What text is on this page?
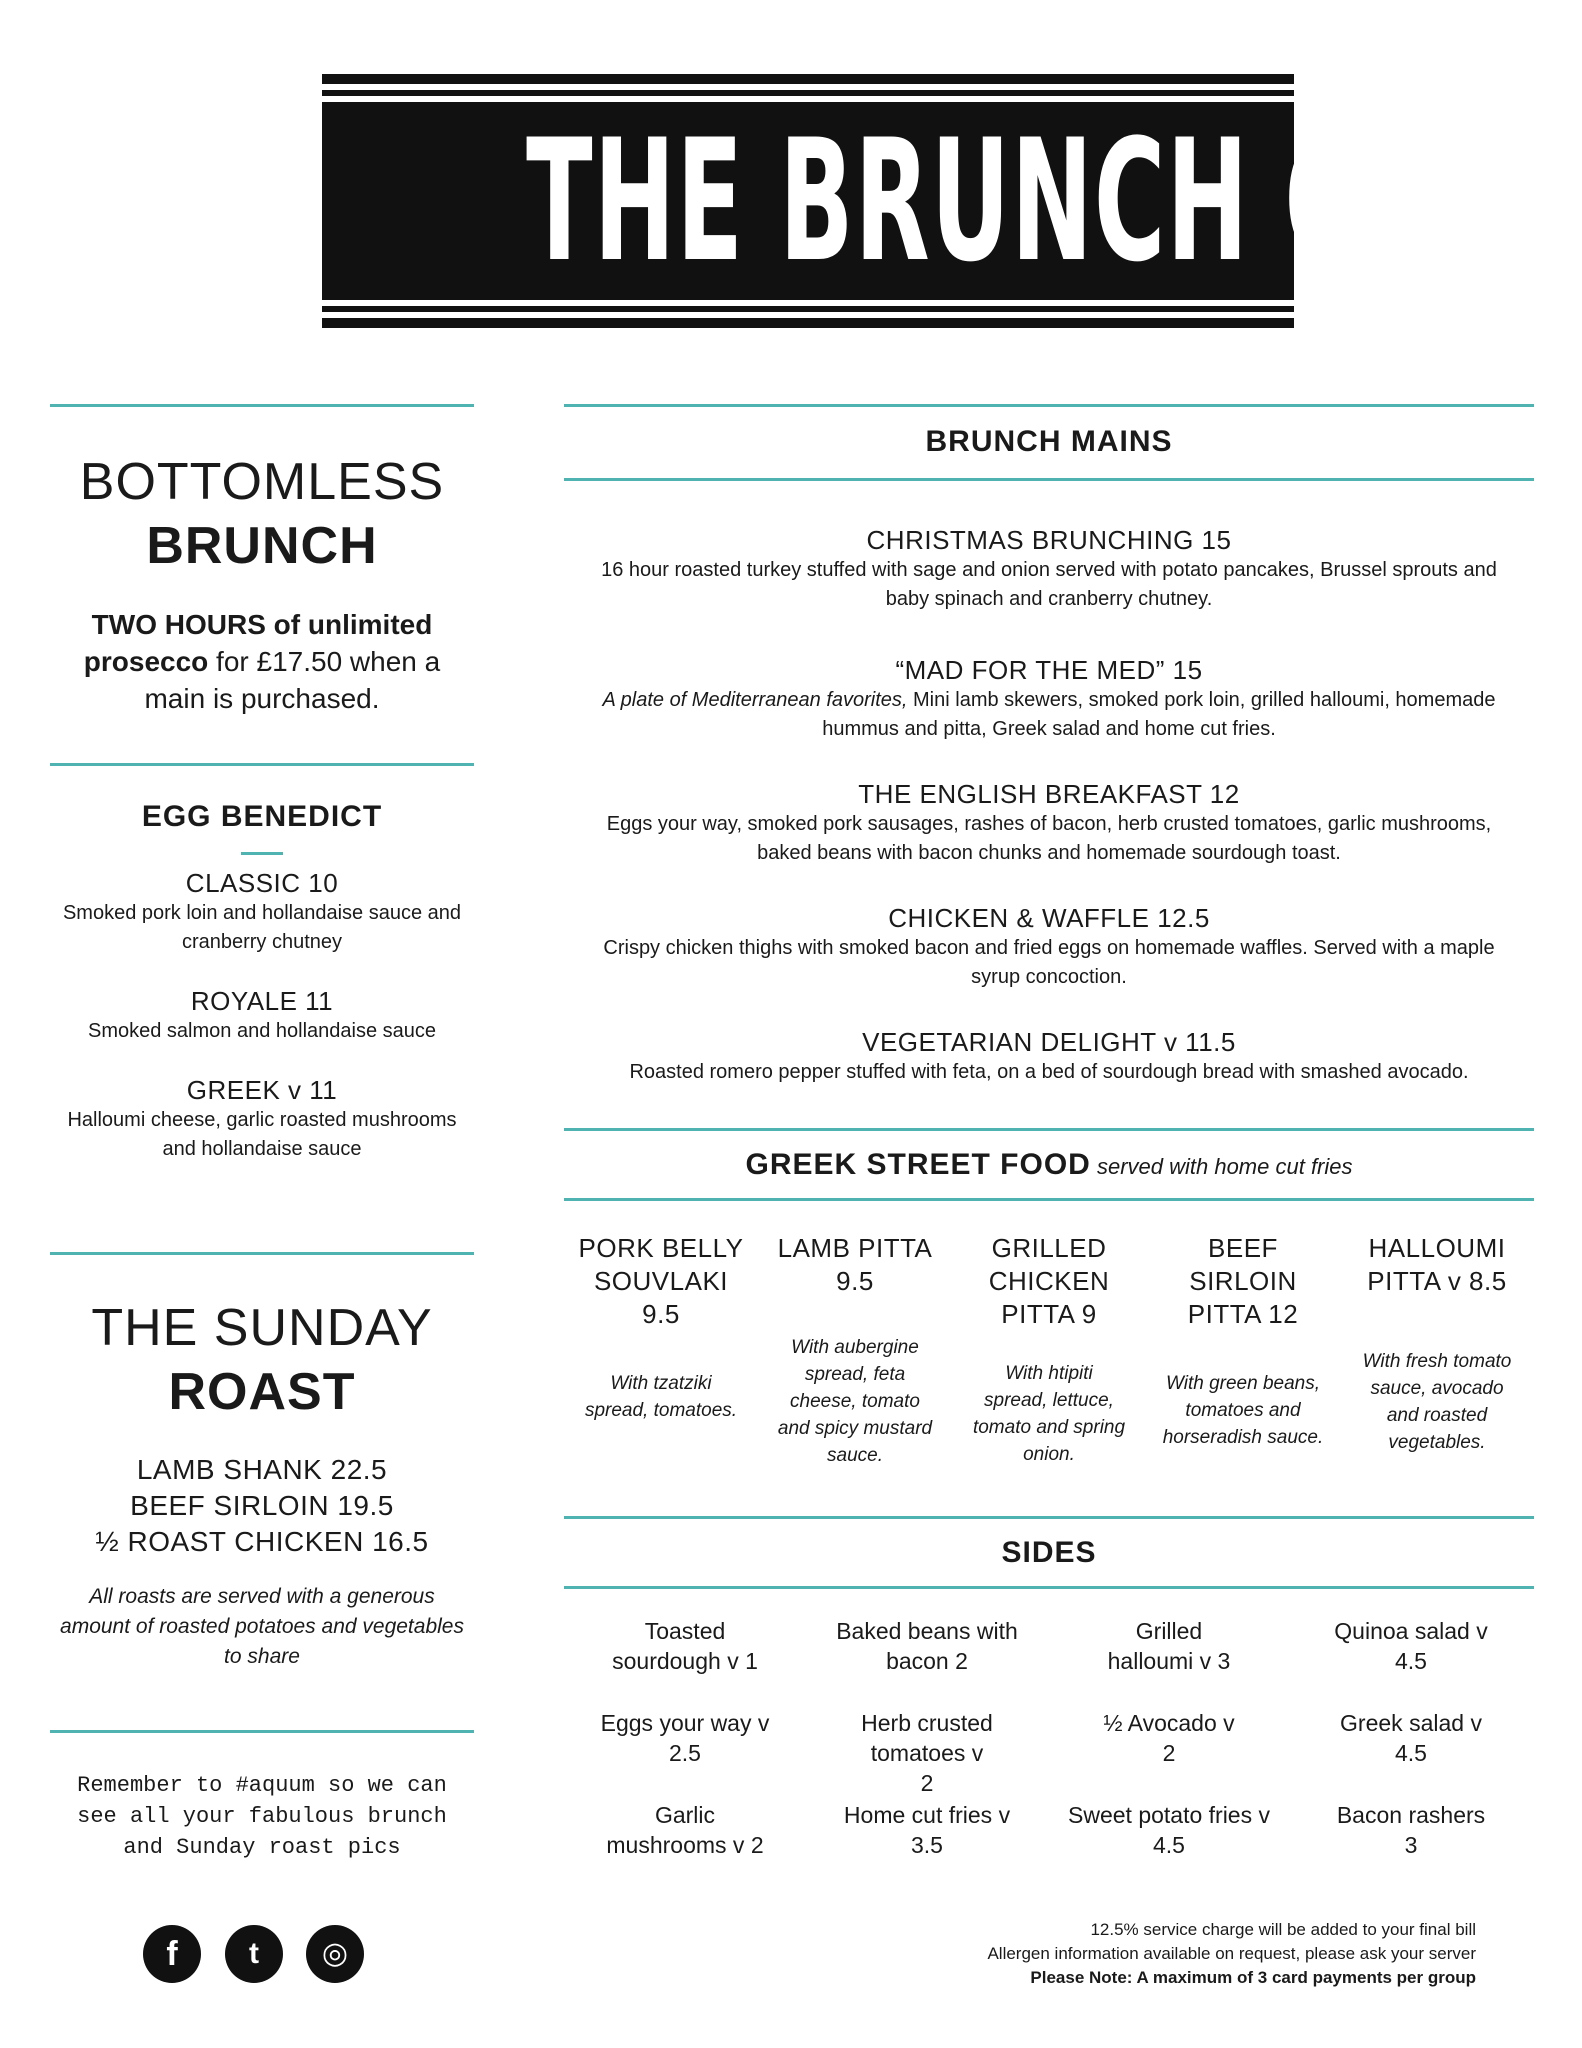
THE BRUNCH CLUB
BOTTOMLESS
BRUNCH
TWO HOURS of unlimited
prosecco for £17.50 when a
main is purchased.
EGG BENEDICT
CLASSIC 10
Smoked pork loin and hollandaise sauce and
cranberry chutney
ROYALE 11
Smoked salmon and hollandaise sauce
GREEK v 11
Halloumi cheese, garlic roasted mushrooms
and hollandaise sauce
THE SUNDAY
ROAST
LAMB SHANK 22.5
BEEF SIRLOIN 19.5
½ ROAST CHICKEN 16.5
All roasts are served with a generous
amount of roasted potatoes and vegetables
to share
Remember to #aquum so we can
see all your fabulous brunch
and Sunday roast pics
f	t	◎
BRUNCH MAINS
CHRISTMAS BRUNCHING 15
16 hour roasted turkey stuffed with sage and onion served with potato pancakes, Brussel sprouts and
baby spinach and cranberry chutney.
“MAD FOR THE MED” 15
A plate of Mediterranean favorites, Mini lamb skewers, smoked pork loin, grilled halloumi, homemade
hummus and pitta, Greek salad and home cut fries.
THE ENGLISH BREAKFAST 12
Eggs your way, smoked pork sausages, rashes of bacon, herb crusted tomatoes, garlic mushrooms,
baked beans with bacon chunks and homemade sourdough toast.
CHICKEN & WAFFLE 12.5
Crispy chicken thighs with smoked bacon and fried eggs on homemade waffles. Served with a maple
syrup concoction.
VEGETARIAN DELIGHT v 11.5
Roasted romero pepper stuffed with feta, on a bed of sourdough bread with smashed avocado.
GREEK STREET FOOD served with home cut fries
PORK BELLY
SOUVLAKI
9.5
With tzatziki
spread, tomatoes.
LAMB PITTA
9.5
With aubergine
spread, feta
cheese, tomato
and spicy mustard
sauce.
GRILLED
CHICKEN
PITTA 9
With htipiti
spread, lettuce,
tomato and spring
onion.
BEEF
SIRLOIN
PITTA 12
With green beans,
tomatoes and
horseradish sauce.
HALLOUMI
PITTA v 8.5
With fresh tomato
sauce, avocado
and roasted
vegetables.
SIDES
Toasted
sourdough v 1
Baked beans with
bacon 2
Grilled
halloumi v 3
Quinoa salad v
4.5
Eggs your way v
2.5
Herb crusted
tomatoes v
2
½ Avocado v
2
Greek salad v
4.5
Garlic
mushrooms v 2
Home cut fries v
3.5
Sweet potato fries v
4.5
Bacon rashers
3
12.5% service charge will be added to your final bill
Allergen information available on request, please ask your server
Please Note: A maximum of 3 card payments per group
